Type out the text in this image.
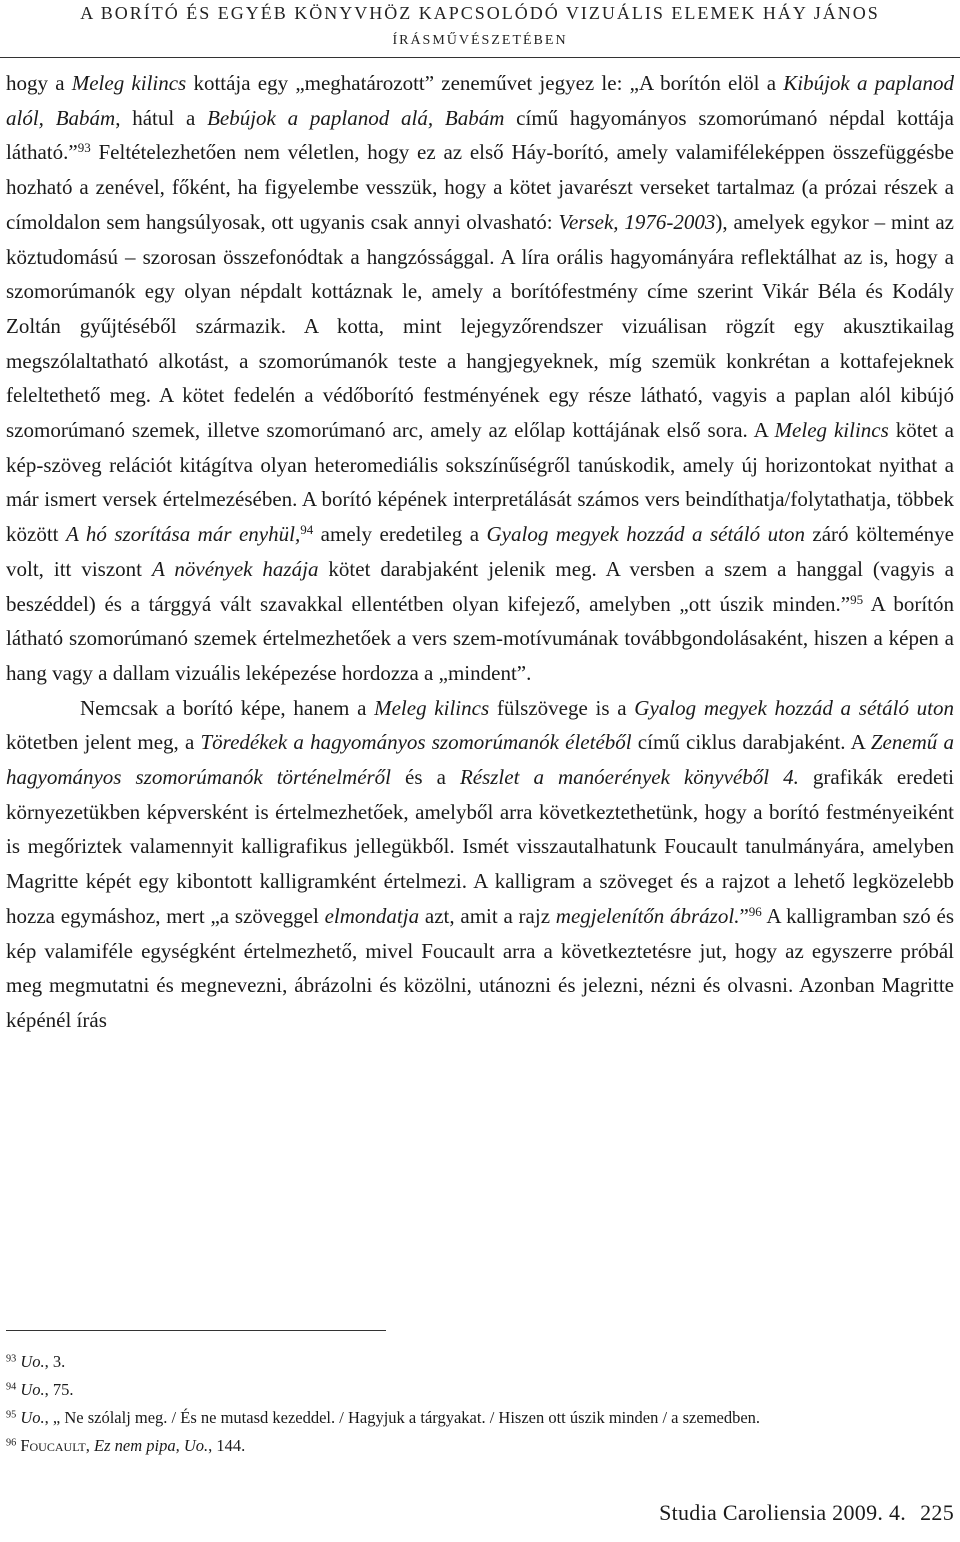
A BORÍTÓ ÉS EGYÉB KÖNYVHÖZ KAPCSOLÓDÓ VIZUÁLIS ELEMEK HÁY JÁNOS
ÍRÁSMŰVÉSZETÉBEN

hogy a Meleg kilincs kottája egy „meghatározott” zeneművet jegyez le: „A borítón elöl a Kibújok a paplanod alól, Babám, hátul a Bebújok a paplanod alá, Babám című hagyományos szomorúmanó népdal kottája látható.”$^{93}$ Feltételezhetően nem véletlen, hogy ez az első Háy-borító, amely valamiféleképpen összefüggésbe hozható a zenével, főként, ha figyelembe vesszük, hogy a kötet javarészt verseket tartalmaz (a prózai részek a címoldalon sem hangsúlyosak, ott ugyanis csak annyi olvasható: Versek, 1976-2003), amelyek egykor – mint az köztudomású – szorosan összefonódtak a hangzóssággal. A líra orális hagyományára reflektálhat az is, hogy a szomorúmanók egy olyan népdalt kottáznak le, amely a borítófestmény címe szerint Vikár Béla és Kodály Zoltán gyűjtéséből származik. A kotta, mint lejegyzőrendszer vizuálisan rögzít egy akusztikailag megszólaltatható alkotást, a szomorúmanók teste a hangjegyeknek, míg szemük konkrétan a kottafejeknek feleltethető meg. A kötet fedelén a védőborító festményének egy része látható, vagyis a paplan alól kibújó szomorúmanó szemek, illetve szomorúmanó arc, amely az előlap kottájának első sora. A Meleg kilincs kötet a kép-szöveg relációt kitágítva olyan heteromediális sokszínűségről tanúskodik, amely új horizontokat nyithat a már ismert versek értelmezésében. A borító képének interpretálását számos vers beindíthatja/folytathatja, többek között A hó szorítása már enyhül,$^{94}$ amely eredetileg a Gyalog megyek hozzád a sétáló uton záró költeménye volt, itt viszont A növények hazája kötet darabjaként jelenik meg. A versben a szem a hanggal (vagyis a beszéddel) és a tárggyá vált szavakkal ellentétben olyan kifejező, amelyben „ott úszik minden.”$^{95}$ A borítón látható szomorúmanó szemek értelmezhetőek a vers szem-motívumának továbbgondolásaként, hiszen a képen a hang vagy a dallam vizuális leképezése hordozza a „mindent”.

Nemcsak a borító képe, hanem a Meleg kilincs fülszövege is a Gyalog megyek hozzád a sétáló uton kötetben jelent meg, a Töredékek a hagyományos szomorúmanók életéből című ciklus darabjaként. A Zenemű a hagyományos szomorúmanók történelméről és a Részlet a manóerények könyvéből 4. grafikák eredeti környezetükben képversként is értelmezhetőek, amelyből arra következtethetünk, hogy a borító festményeiként is megőriztek valamennyit kalligrafikus jellegükből. Ismét visszautalhatunk Foucault tanulmányára, amelyben Magritte képét egy kibontott kalligramként értelmezi. A kalligram a szöveget és a rajzot a lehető legközelebb hozza egymáshoz, mert „a szöveggel elmondatja azt, amit a rajz megjelenítőn ábrázol.”$^{96}$ A kalligramban szó és kép valamiféle egységként értelmezhető, mivel Foucault arra a következtetésre jut, hogy az egyszerre próbál meg megmutatni és megnevezni, ábrázolni és közölni, utánozni és jelezni, nézni és olvasni. Azonban Magritte képénél írás

$^{93}$ Uo., 3.

$^{94}$ Uo., 75.

$^{95}$ Uo., „ Ne szólalj meg. / És ne mutasd kezeddel. / Hagyjuk a tárgyakat. / Hiszen ott úszik minden / a szemedben.

$^{96}$ Foucault, Ez nem pipa, Uo., 144.

Studia Caroliensia 2009. 4. 225
